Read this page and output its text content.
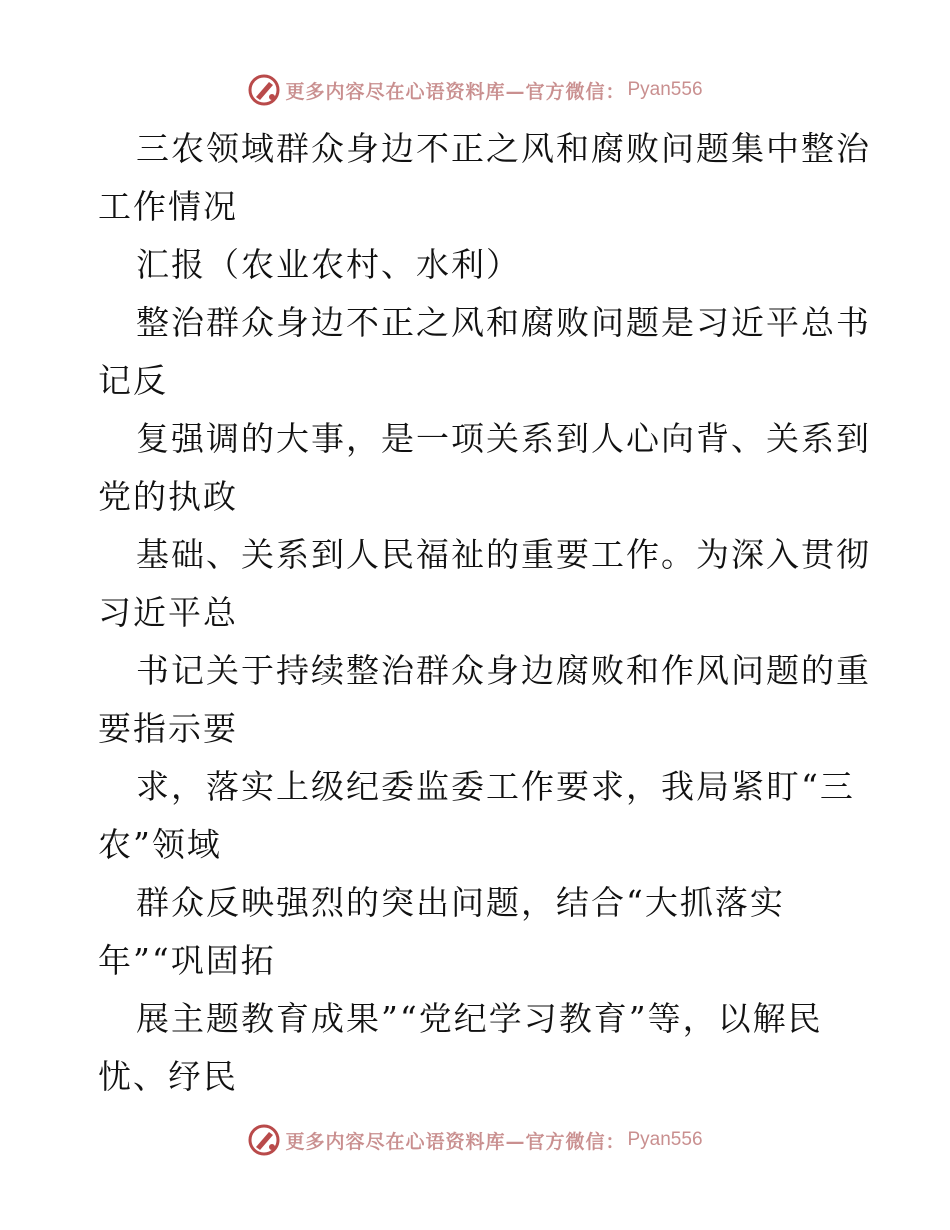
更多内容尽在心语资料库—官方微信： Pyan556
三农领域群众身边不正之风和腐败问题集中整治
工作情况
汇报（农业农村、水利）
整治群众身边不正之风和腐败问题是习近平总书
记反
复强调的大事，是一项关系到人心向背、关系到
党的执政
基础、关系到人民福祉的重要工作。为深入贯彻
习近平总
书记关于持续整治群众身边腐败和作风问题的重
要指示要
求，落实上级纪委监委工作要求，我局紧盯“三
农”领域
群众反映强烈的突出问题，结合“大抓落实
年”“巩固拓
展主题教育成果”“党纪学习教育”等，以解民
忧、纾民
更多内容尽在心语资料库—官方微信： Pyan556
